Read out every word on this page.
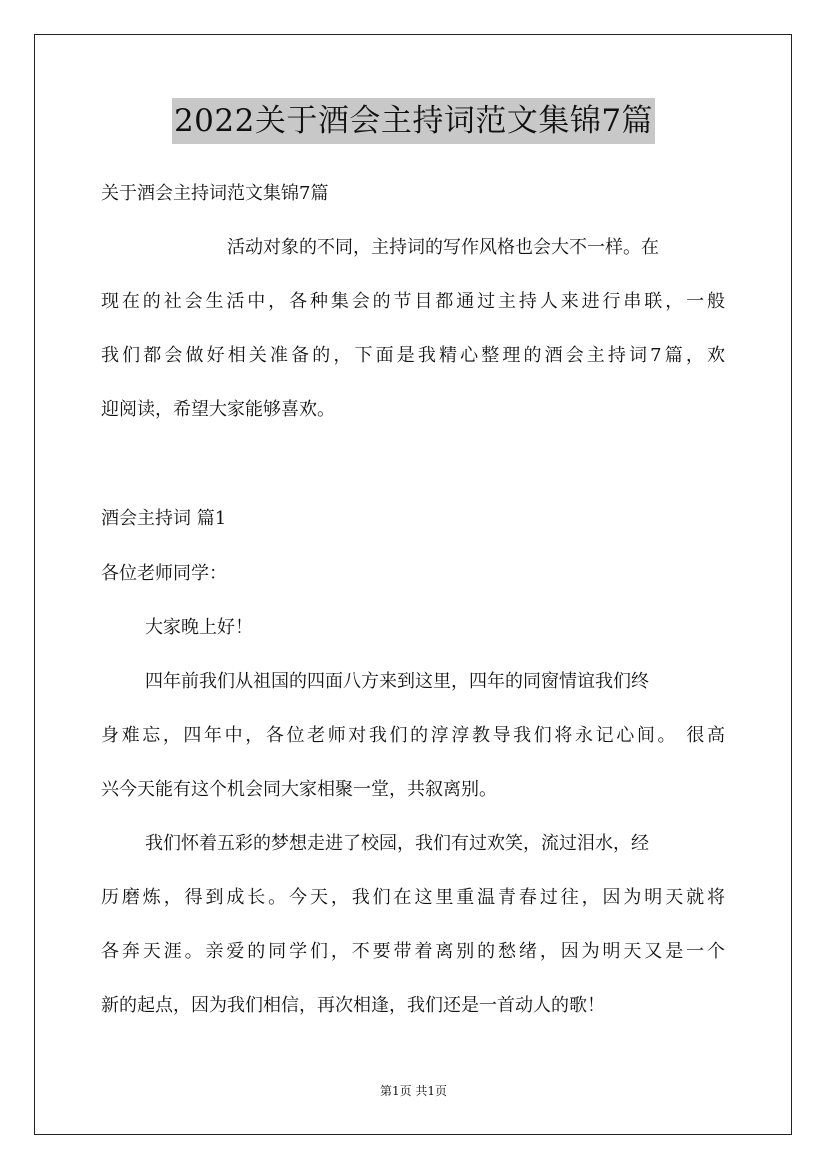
2022关于酒会主持词范文集锦7篇
关于酒会主持词范文集锦7篇
活动对象的不同，主持词的写作风格也会大不一样。在
现在的社会生活中，各种集会的节目都通过主持人来进行串联，一般
我们都会做好相关准备的，下面是我精心整理的酒会主持词7篇，欢
迎阅读，希望大家能够喜欢。
酒会主持词 篇1
各位老师同学：
大家晚上好！
四年前我们从祖国的四面八方来到这里，四年的同窗情谊我们终
身难忘，四年中，各位老师对我们的淳淳教导我们将永记心间。 很高
兴今天能有这个机会同大家相聚一堂，共叙离别。
我们怀着五彩的梦想走进了校园，我们有过欢笑，流过泪水，经
历磨炼，得到成长。今天，我们在这里重温青春过往，因为明天就将
各奔天涯。亲爱的同学们，不要带着离别的愁绪，因为明天又是一个
新的起点，因为我们相信，再次相逢，我们还是一首动人的歌！
第1页 共1页
